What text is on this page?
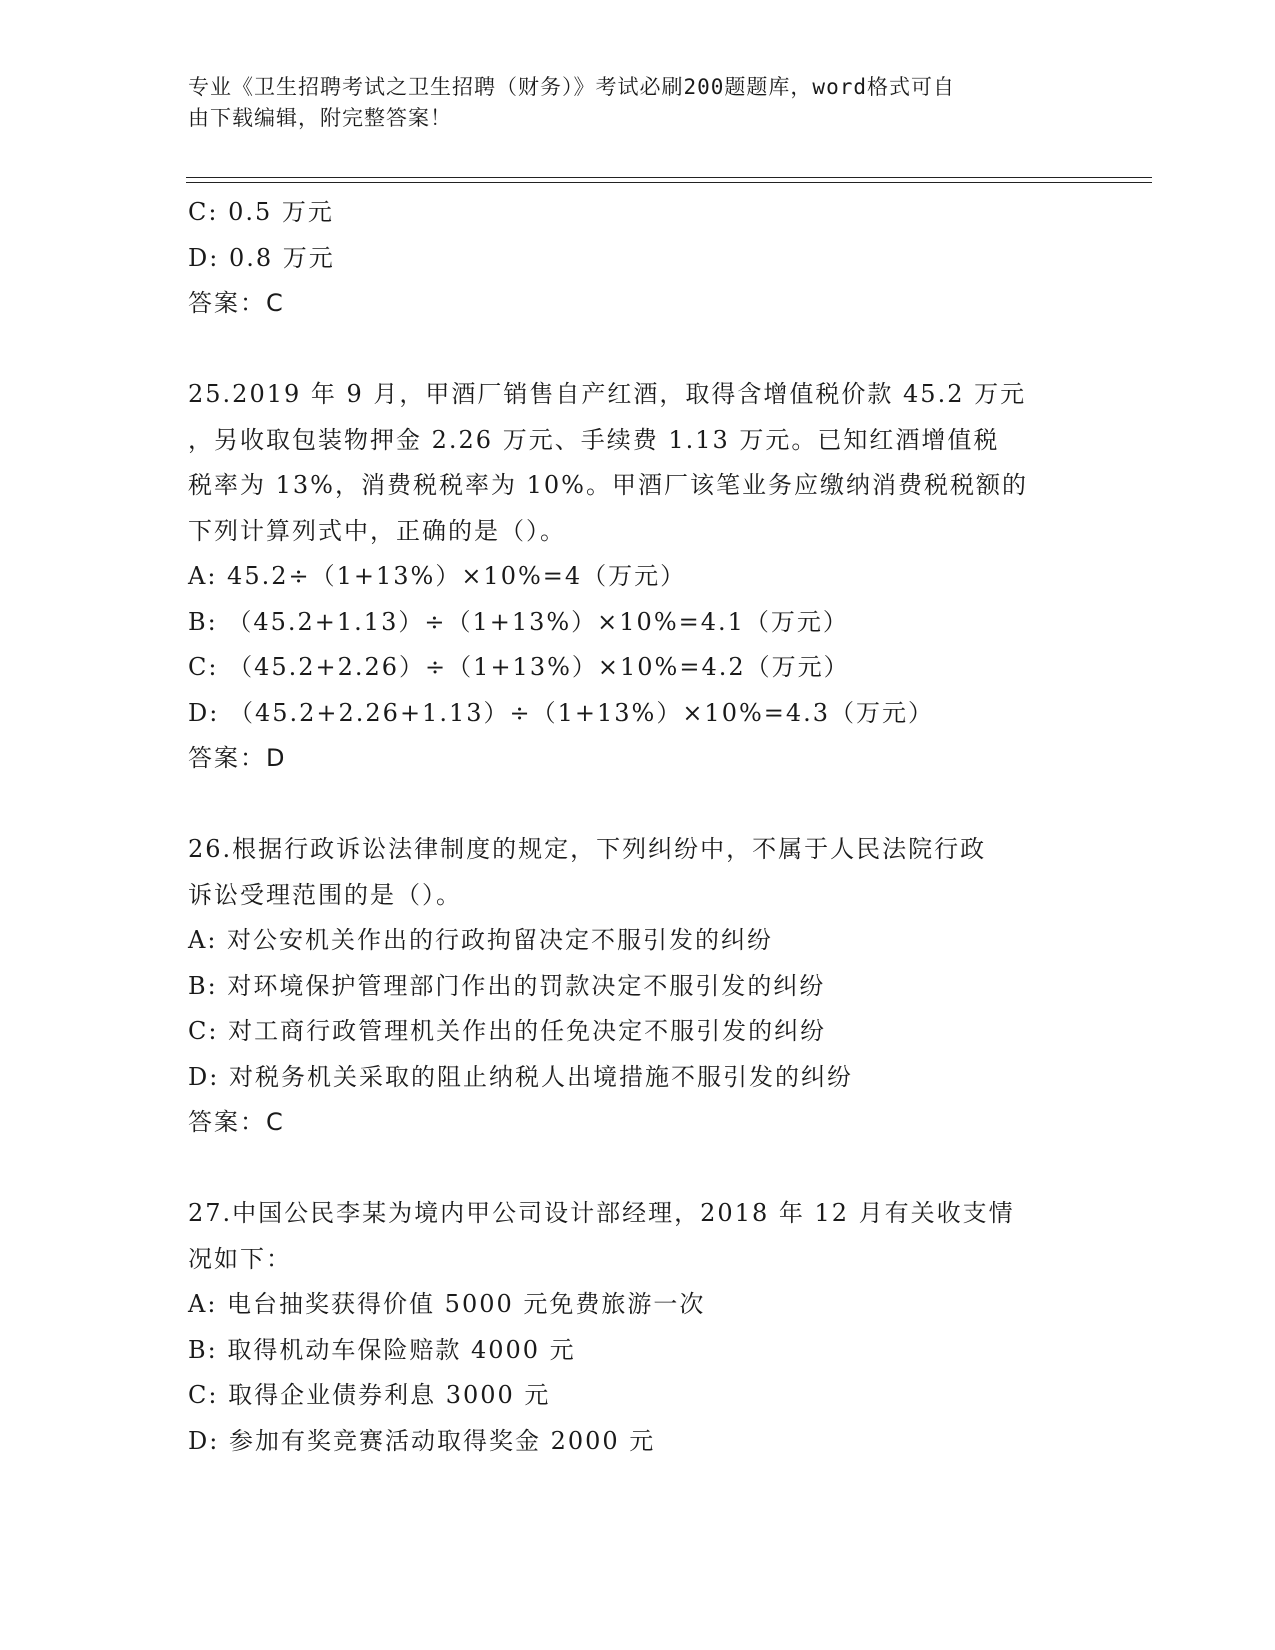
专业《卫生招聘考试之卫生招聘（财务）》考试必刷200题题库，word格式可自
由下载编辑，附完整答案！
C: 0.5 万元
D: 0.8 万元
答案：C
25.2019 年 9 月，甲酒厂销售自产红酒，取得含增值税价款 45.2 万元
，另收取包装物押金 2.26 万元、手续费 1.13 万元。已知红酒增值税
税率为 13%，消费税税率为 10%。甲酒厂该笔业务应缴纳消费税税额的
下列计算列式中，正确的是（）。
A: 45.2÷（1+13%）×10%=4（万元）
B: （45.2+1.13）÷（1+13%）×10%=4.1（万元）
C: （45.2+2.26）÷（1+13%）×10%=4.2（万元）
D: （45.2+2.26+1.13）÷（1+13%）×10%=4.3（万元）
答案：D
26.根据行政诉讼法律制度的规定，下列纠纷中，不属于人民法院行政
诉讼受理范围的是（）。
A: 对公安机关作出的行政拘留决定不服引发的纠纷
B: 对环境保护管理部门作出的罚款决定不服引发的纠纷
C: 对工商行政管理机关作出的任免决定不服引发的纠纷
D: 对税务机关采取的阻止纳税人出境措施不服引发的纠纷
答案：C
27.中国公民李某为境内甲公司设计部经理，2018 年 12 月有关收支情
况如下：
A: 电台抽奖获得价值 5000 元免费旅游一次
B: 取得机动车保险赔款 4000 元
C: 取得企业债券利息 3000 元
D: 参加有奖竞赛活动取得奖金 2000 元
